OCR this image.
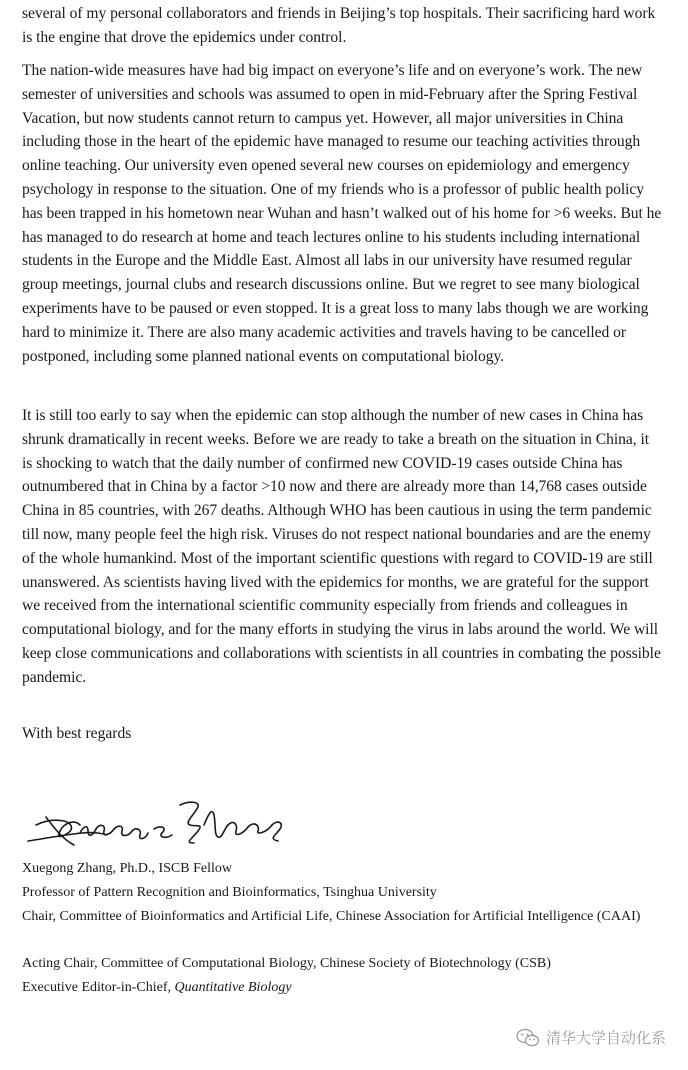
several of my personal collaborators and friends in Beijing’s top hospitals. Their sacrificing hard work is the engine that drove the epidemics under control.

The nation-wide measures have had big impact on everyone’s life and on everyone’s work. The new semester of universities and schools was assumed to open in mid-February after the Spring Festival Vacation, but now students cannot return to campus yet. However, all major universities in China including those in the heart of the epidemic have managed to resume our teaching activities through online teaching. Our university even opened several new courses on epidemiology and emergency psychology in response to the situation. One of my friends who is a professor of public health policy has been trapped in his hometown near Wuhan and hasn’t walked out of his home for >6 weeks. But he has managed to do research at home and teach lectures online to his students including international students in the Europe and the Middle East. Almost all labs in our university have resumed regular group meetings, journal clubs and research discussions online. But we regret to see many biological experiments have to be paused or even stopped. It is a great loss to many labs though we are working hard to minimize it. There are also many academic activities and travels having to be cancelled or postponed, including some planned national events on computational biology.

It is still too early to say when the epidemic can stop although the number of new cases in China has shrunk dramatically in recent weeks. Before we are ready to take a breath on the situation in China, it is shocking to watch that the daily number of confirmed new COVID-19 cases outside China has outnumbered that in China by a factor >10 now and there are already more than 14,768 cases outside China in 85 countries, with 267 deaths. Although WHO has been cautious in using the term pandemic till now, many people feel the high risk. Viruses do not respect national boundaries and are the enemy of the whole humankind. Most of the important scientific questions with regard to COVID-19 are still unanswered. As scientists having lived with the epidemics for months, we are grateful for the support we received from the international scientific community especially from friends and colleagues in computational biology, and for the many efforts in studying the virus in labs around the world. We will keep close communications and collaborations with scientists in all countries in combating the possible pandemic.

With best regards
Xuegong Zhang, Ph.D., ISCB Fellow
Professor of Pattern Recognition and Bioinformatics, Tsinghua University
Chair, Committee of Bioinformatics and Artificial Life, Chinese Association for Artificial Intelligence (CAAI)
Acting Chair, Committee of Computational Biology, Chinese Society of Biotechnology (CSB)
Executive Editor-in-Chief, Quantitative Biology
清华大学自动化系
